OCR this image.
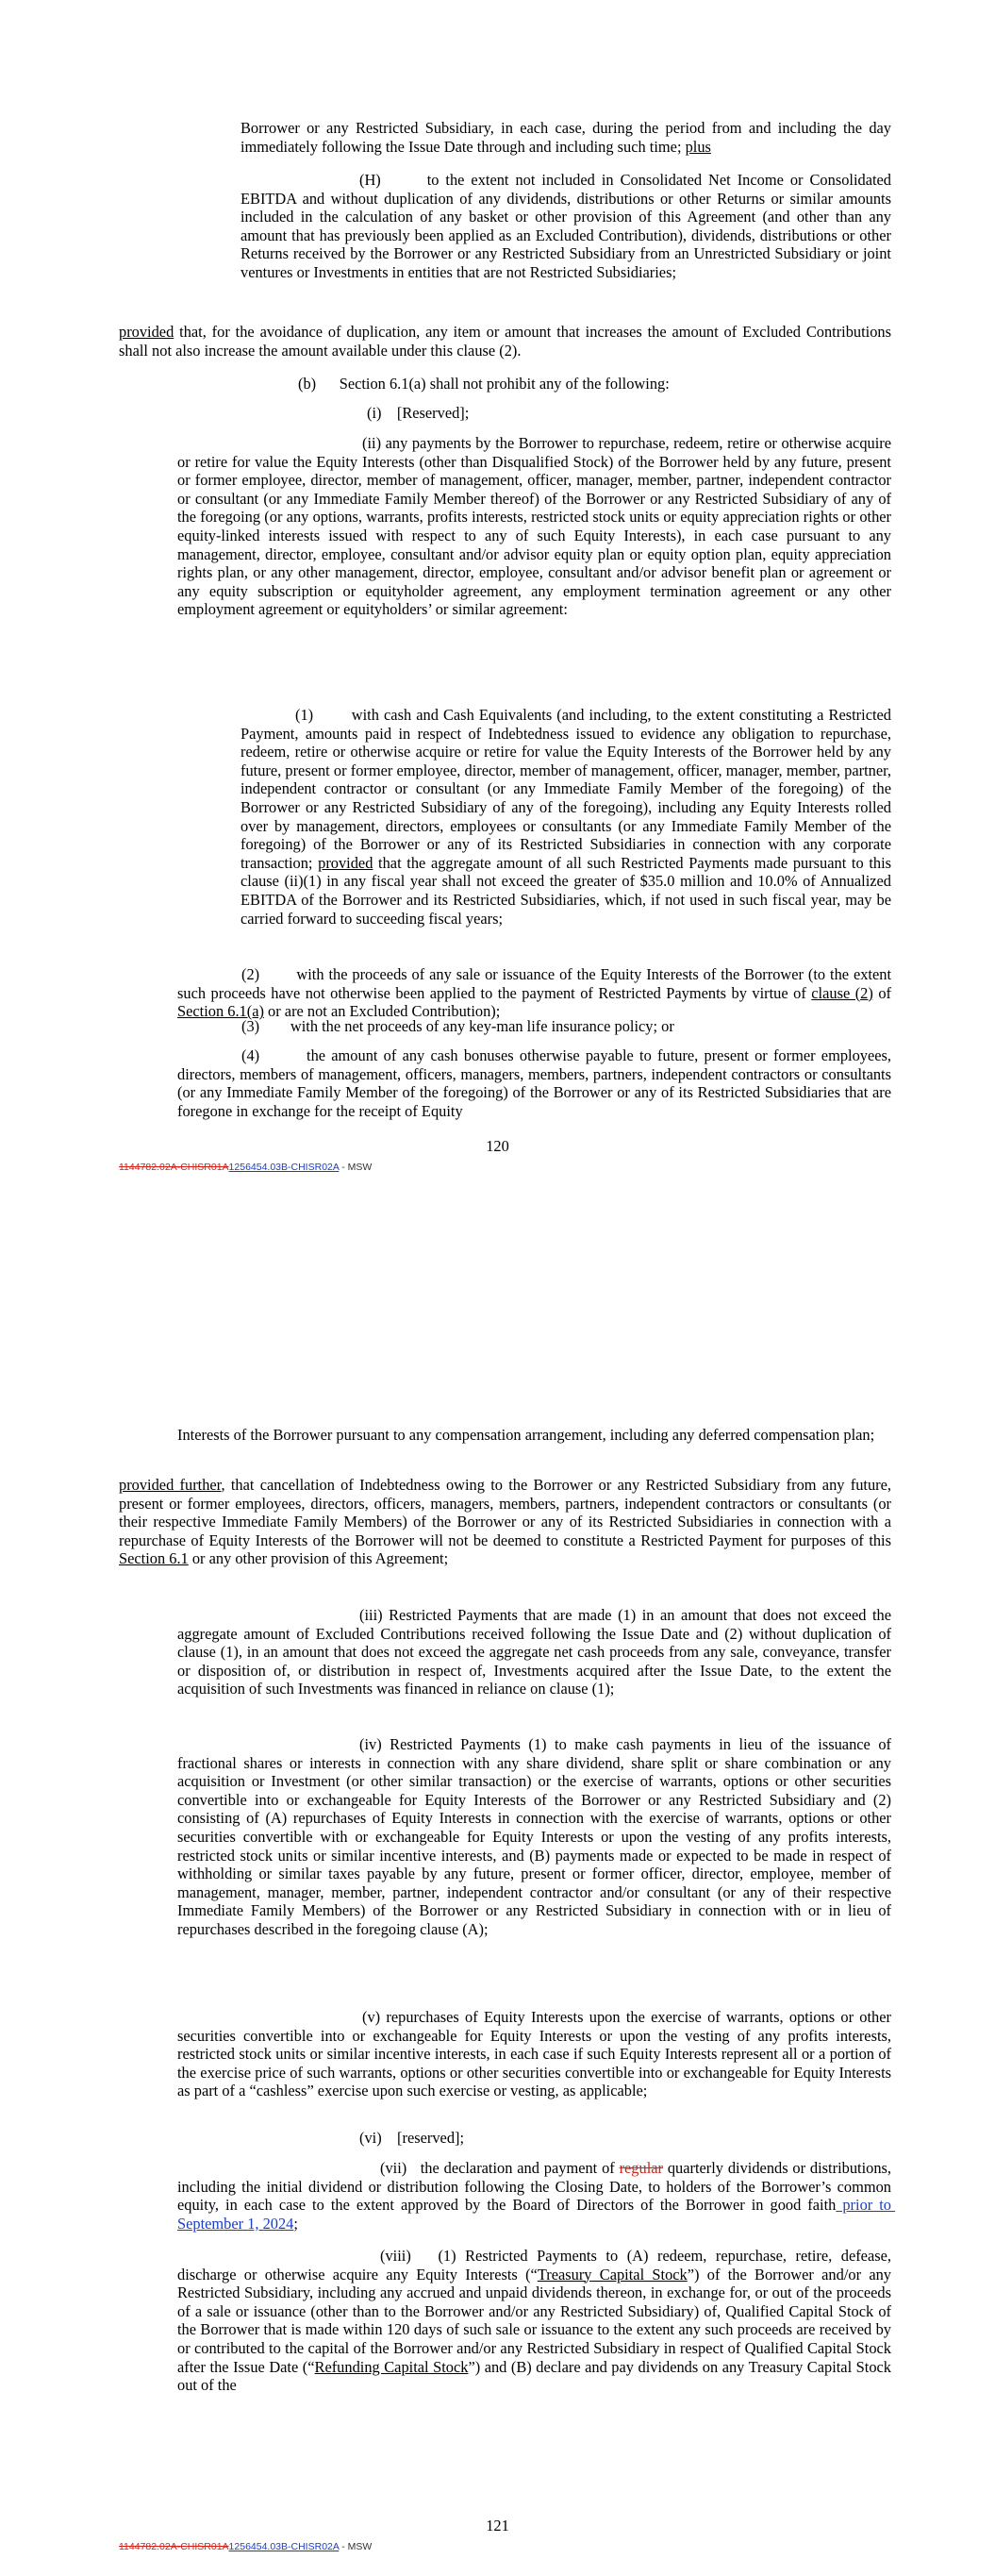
Borrower or any Restricted Subsidiary, in each case, during the period from and including the day immediately following the Issue Date through and including such time; plus

(H)	to the extent not included in Consolidated Net Income or Consolidated EBITDA and without duplication of any dividends, distributions or other Returns or similar amounts included in the calculation of any basket or other provision of this Agreement (and other than any amount that has previously been applied as an Excluded Contribution), dividends, distributions or other Returns received by the Borrower or any Restricted Subsidiary from an Unrestricted Subsidiary or joint ventures or Investments in entities that are not Restricted Subsidiaries;

provided that, for the avoidance of duplication, any item or amount that increases the amount of Excluded Contributions shall not also increase the amount available under this clause (2).

(b)      Section 6.1(a) shall not prohibit any of the following:
(i)    [Reserved];

(ii) any payments by the Borrower to repurchase, redeem, retire or otherwise acquire or retire for value the Equity Interests (other than Disqualified Stock) of the Borrower held by any future, present or former employee, director, member of management, officer, manager, member, partner, independent contractor or consultant (or any Immediate Family Member thereof) of the Borrower or any Restricted Subsidiary of any of the foregoing (or any options, warrants, profits interests, restricted stock units or equity appreciation rights or other equity-linked interests issued with respect to any of such Equity Interests), in each case pursuant to any management, director, employee, consultant and/or advisor equity plan or equity option plan, equity appreciation rights plan, or any other management, director, employee, consultant and/or advisor benefit plan or agreement or any equity subscription or equityholder agreement, any employment termination agreement or any other employment agreement or equityholders’ or similar agreement:

(1)        with cash and Cash Equivalents (and including, to the extent constituting a Restricted Payment, amounts paid in respect of Indebtedness issued to evidence any obligation to repurchase, redeem, retire or otherwise acquire or retire for value the Equity Interests of the Borrower held by any future, present or former employee, director, member of management, officer, manager, member, partner, independent contractor or consultant (or any Immediate Family Member of the foregoing) of the Borrower or any Restricted Subsidiary of any of the foregoing), including any Equity Interests rolled over by management, directors, employees or consultants (or any Immediate Family Member of the foregoing) of the Borrower or any of its Restricted Subsidiaries in connection with any corporate transaction; provided that the aggregate amount of all such Restricted Payments made pursuant to this clause (ii)(1) in any fiscal year shall not exceed the greater of $35.0 million and 10.0% of Annualized EBITDA of the Borrower and its Restricted Subsidiaries, which, if not used in such fiscal year, may be carried forward to succeeding fiscal years;

(2)        with the proceeds of any sale or issuance of the Equity Interests of the Borrower (to the extent such proceeds have not otherwise been applied to the payment of Restricted Payments by virtue of clause (2) of Section 6.1(a) or are not an Excluded Contribution);

(3)        with the net proceeds of any key-man life insurance policy; or

(4)        the amount of any cash bonuses otherwise payable to future, present or former employees, directors, members of management, officers, managers, members, partners, independent contractors or consultants (or any Immediate Family Member of the foregoing) of the Borrower or any of its Restricted Subsidiaries that are foregone in exchange for the receipt of Equity

120
1144782.02A-CHISR01A1256454.03B-CHISR02A - MSW

Interests of the Borrower pursuant to any compensation arrangement, including any deferred compensation plan;

provided further, that cancellation of Indebtedness owing to the Borrower or any Restricted Subsidiary from any future, present or former employees, directors, officers, managers, members, partners, independent contractors or consultants (or their respective Immediate Family Members) of the Borrower or any of its Restricted Subsidiaries in connection with a repurchase of Equity Interests of the Borrower will not be deemed to constitute a Restricted Payment for purposes of this Section 6.1 or any other provision of this Agreement;

(iii) Restricted Payments that are made (1) in an amount that does not exceed the aggregate amount of Excluded Contributions received following the Issue Date and (2) without duplication of clause (1), in an amount that does not exceed the aggregate net cash proceeds from any sale, conveyance, transfer or disposition of, or distribution in respect of, Investments acquired after the Issue Date, to the extent the acquisition of such Investments was financed in reliance on clause (1);

(iv) Restricted Payments (1) to make cash payments in lieu of the issuance of fractional shares or interests in connection with any share dividend, share split or share combination or any acquisition or Investment (or other similar transaction) or the exercise of warrants, options or other securities convertible into or exchangeable for Equity Interests of the Borrower or any Restricted Subsidiary and (2) consisting of (A) repurchases of Equity Interests in connection with the exercise of warrants, options or other securities convertible with or exchangeable for Equity Interests or upon the vesting of any profits interests, restricted stock units or similar incentive interests, and (B) payments made or expected to be made in respect of withholding or similar taxes payable by any future, present or former officer, director, employee, member of management, manager, member, partner, independent contractor and/or consultant (or any of their respective Immediate Family Members) of the Borrower or any Restricted Subsidiary in connection with or in lieu of repurchases described in the foregoing clause (A);

(v) repurchases of Equity Interests upon the exercise of warrants, options or other securities convertible into or exchangeable for Equity Interests or upon the vesting of any profits interests, restricted stock units or similar incentive interests, in each case if such Equity Interests represent all or a portion of the exercise price of such warrants, options or other securities convertible into or exchangeable for Equity Interests as part of a “cashless” exercise upon such exercise or vesting, as applicable;

(vi)    [reserved];

(vii)   the declaration and payment of regular quarterly dividends or distributions, including the initial dividend or distribution following the Closing Date, to holders of the Borrower’s common equity, in each case to the extent approved by the Board of Directors of the Borrower in good faith prior to September 1, 2024;

(viii)   (1) Restricted Payments to (A) redeem, repurchase, retire, defease, discharge or otherwise acquire any Equity Interests (“Treasury Capital Stock”) of the Borrower and/or any Restricted Subsidiary, including any accrued and unpaid dividends thereon, in exchange for, or out of the proceeds of a sale or issuance (other than to the Borrower and/or any Restricted Subsidiary) of, Qualified Capital Stock of the Borrower that is made within 120 days of such sale or issuance to the extent any such proceeds are received by or contributed to the capital of the Borrower and/or any Restricted Subsidiary in respect of Qualified Capital Stock after the Issue Date (“Refunding Capital Stock”) and (B) declare and pay dividends on any Treasury Capital Stock out of the

121
1144782.02A-CHISR01A1256454.03B-CHISR02A - MSW
